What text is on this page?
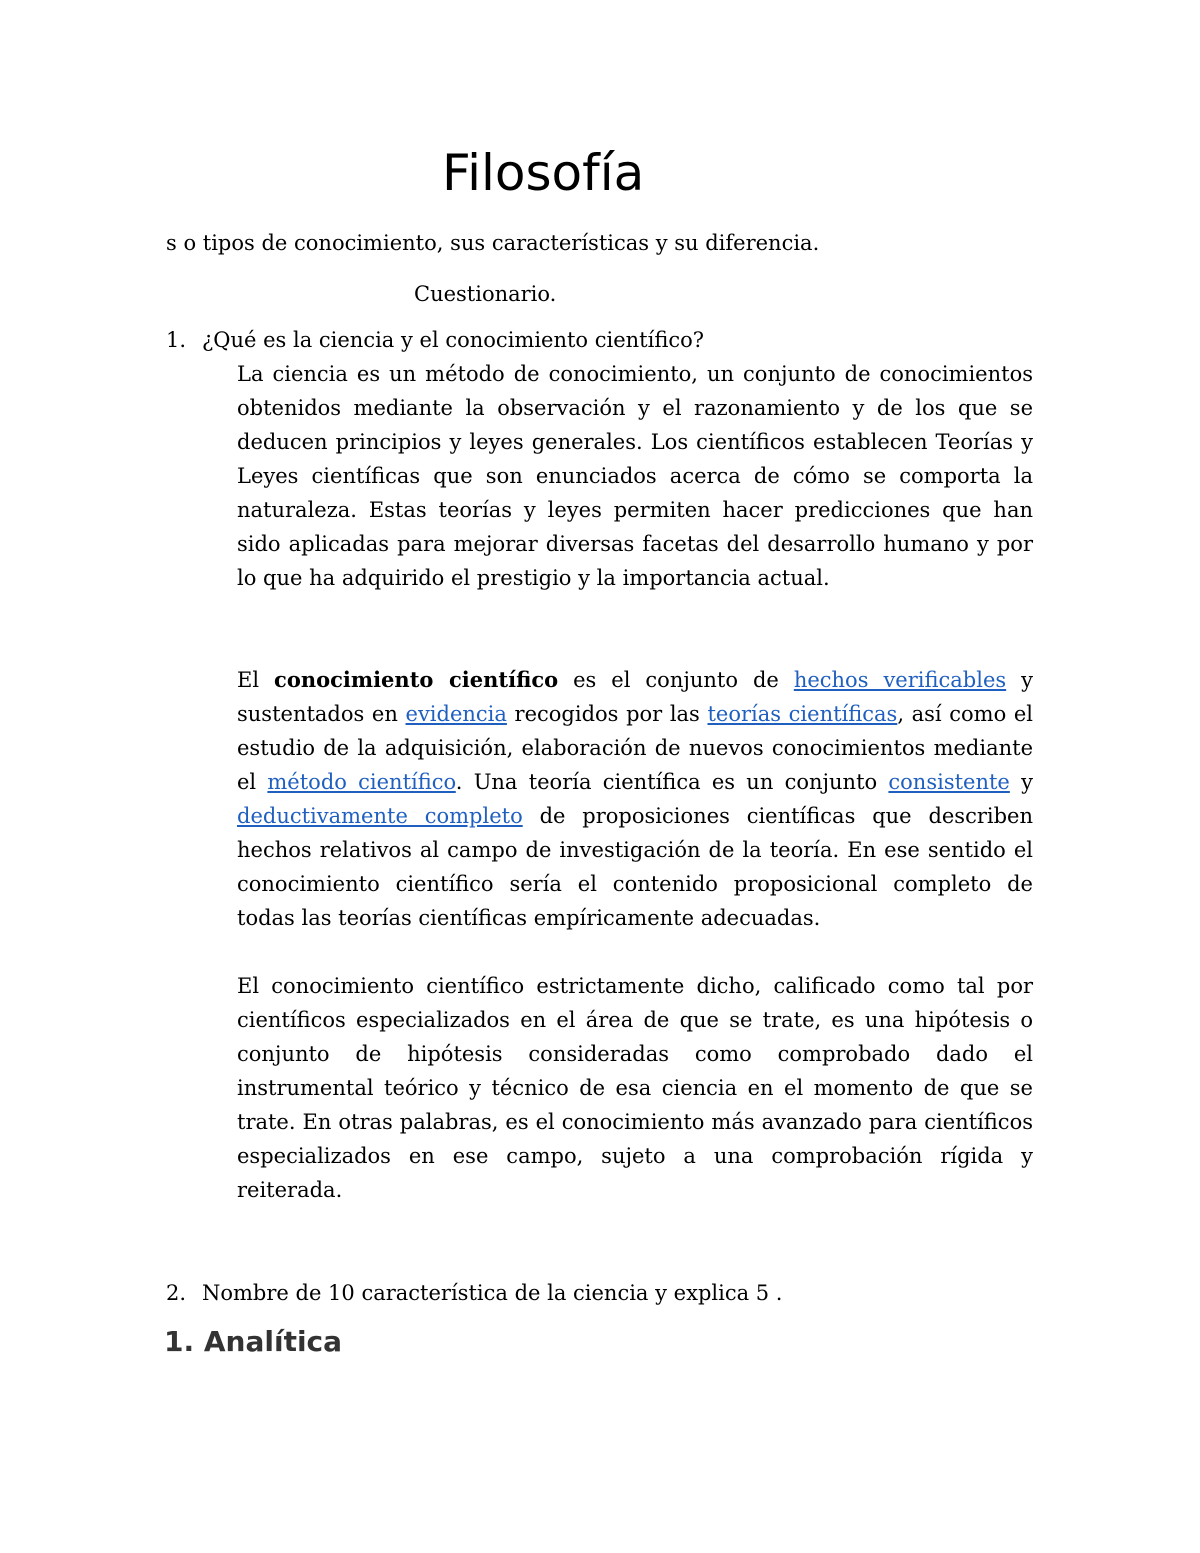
Filosofía

s o tipos de conocimiento, sus características y su diferencia.

Cuestionario.

1. ¿Qué es la ciencia y el conocimiento científico?

La ciencia es un método de conocimiento, un conjunto de conocimientos obtenidos mediante la observación y el razonamiento y de los que se deducen principios y leyes generales. Los científicos establecen Teorías y Leyes científicas que son enunciados acerca de cómo se comporta la naturaleza. Estas teorías y leyes permiten hacer predicciones que han sido aplicadas para mejorar diversas facetas del desarrollo humano y por lo que ha adquirido el prestigio y la importancia actual.

El conocimiento científico es el conjunto de hechos verificables y sustentados en evidencia recogidos por las teorías científicas, así como el estudio de la adquisición, elaboración de nuevos conocimientos mediante el método científico. Una teoría científica es un conjunto consistente y deductivamente completo de proposiciones científicas que describen hechos relativos al campo de investigación de la teoría. En ese sentido el conocimiento científico sería el contenido proposicional completo de todas las teorías científicas empíricamente adecuadas.

El conocimiento científico estrictamente dicho, calificado como tal por científicos especializados en el área de que se trate, es una hipótesis o conjunto de hipótesis consideradas como comprobado dado el instrumental teórico y técnico de esa ciencia en el momento de que se trate. En otras palabras, es el conocimiento más avanzado para científicos especializados en ese campo, sujeto a una comprobación rígida y reiterada.

2. Nombre de 10 característica de la ciencia y explica 5 .

1. Analítica
